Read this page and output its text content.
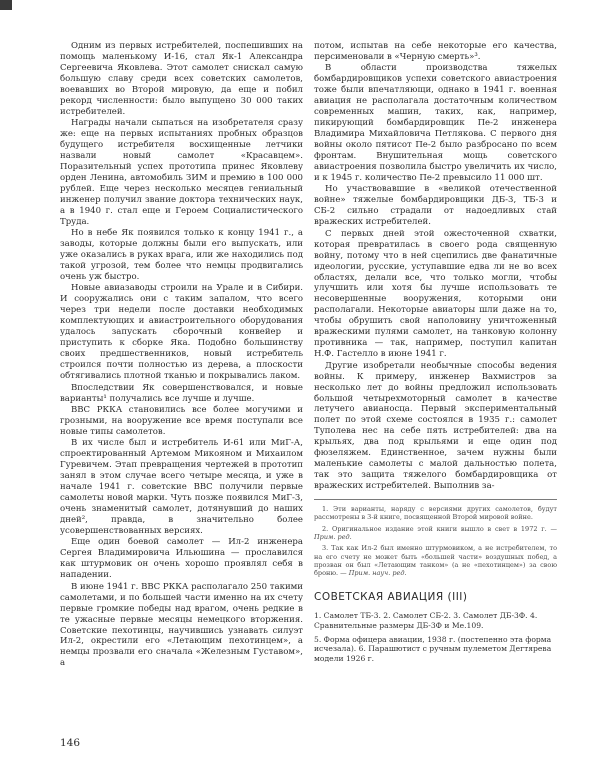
Одним из первых истребителей, поспешивших на помощь маленькому И-16, стал Як-1 Александра Сергеевича Яковлева. Этот самолет снискал самую большую славу среди всех советских самолетов, воевавших во Второй мировую, да еще и побил рекорд численности: было выпущено 30 000 таких истребителей.

Награды начали сыпаться на изобретателя сразу же: еще на первых испытаниях пробных образцов будущего истребителя восхищенные летчики назвали новый самолет «Красавцем». Поразительный успех прототипа принес Яковлеву орден Ленина, автомобиль ЗИМ и премию в 100 000 рублей. Еще через несколько месяцев гениальный инженер получил звание доктора технических наук, а в 1940 г. стал еще и Героем Социалистического Труда.

Но в небе Як появился только к концу 1941 г., а заводы, которые должны были его выпускать, или уже оказались в руках врага, или же находились под такой угрозой, тем более что немцы продвигались очень уж быстро.

Новые авиазаводы строили на Урале и в Сибири. И сооружались они с таким запалом, что всего через три недели после доставки необходимых комплектующих и авиастроительного оборудования удалось запускать сборочный конвейер и приступить к сборке Яка. Подобно большинству своих предшественников, новый истребитель строился почти полностью из дерева, а плоскости обтягивались плотной тканью и покрывались лаком.

Впоследствии Як совершенствовался, и новые варианты¹ получались все лучше и лучше.

ВВС РККА становились все более могучими и грозными, на вооружение все время поступали все новые типы самолетов.

В их числе был и истребитель И-61 или МиГ-А, спроектированный Артемом Микояном и Михаилом Гуревичем. Этап превращения чертежей в прототип занял в этом случае всего четыре месяца, и уже в начале 1941 г. советские ВВС получили первые самолеты новой марки. Чуть позже появился МиГ-3, очень знаменитый самолет, дотянувший до наших дней², правда, в значительно более усовершенствованных версиях.

Еще один боевой самолет — Ил-2 инженера Сергея Владимировича Ильюшина — прославился как штурмовик он очень хорошо проявлял себя в нападении.

В июне 1941 г. ВВС РККА располагало 250 такими самолетами, и по большей части именно на их счету первые громкие победы над врагом, очень редкие в те ужасные первые месяцы немецкого вторжения. Советские пехотинцы, научившись узнавать силуэт Ил-2, окрестили его «Летающим пехотинцем», а немцы прозвали его сначала «Железным Густавом», а

потом, испытав на себе некоторые его качества, персименовали в «Черную смерть»³.

В области производства тяжелых бомбардировщиков успехи советского авиастроения тоже были впечатляющи, однако в 1941 г. военная авиация не располагала достаточным количеством современных машин, таких, как, например, пикирующий бомбардировщик Пе-2 инженера Владимира Михайловича Петлякова. С первого дня войны около пятисот Пе-2 было разбросано по всем фронтам. Внушительная мощь советского авиастроения позволила быстро увеличить их число, и к 1945 г. количество Пе-2 превысило 11 000 шт.

Но участвовавшие в «великой отечественной войне» тяжелые бомбардировщики ДБ-3, ТБ-3 и СБ-2 сильно страдали от надоедливых стай вражеских истребителей.

С первых дней этой ожесточенной схватки, которая превратилась в своего рода священную войну, потому что в ней сцепились две фанатичные идеологии, русские, уступавшие едва ли не во всех областях, делали все, что только могли, чтобы улучшить или хотя бы лучше использовать те несовершенные вооружения, которыми они располагали. Некоторые авиаторы шли даже на то, чтобы обрушить свой наполовину уничтоженный вражескими пулями самолет, на танковую колонну противника — так, например, поступил капитан Н.Ф. Гастелло в июне 1941 г.

Другие изобретали необычные способы ведения войны. К примеру, инженер Вахмистров за несколько лет до войны предложил использовать большой четырехмоторный самолет в качестве летучего авианосца. Первый экспериментальный полет по этой схеме состоялся в 1935 г.: самолет Туполева нес на себе пять истребителей: два на крыльях, два под крыльями и еще один под фюзеляжем. Единственное, зачем нужны были маленькие самолеты с малой дальностью полета, так это защита тяжелого бомбардировщика от вражеских истребителей. Выполнив за-

1. Эти варианты, наряду с версиями других самолетов, будут рассмотрены в 3-й книге, посвященной Второй мировой войне.

2. Оригинальное издание этой книги вышло в свет в 1972 г. — Прим. ред.

3. Так как Ил-2 был именно штурмовиком, а не истребителем, то на его счету не может быть «большей части» воздушных побед, а прозван он был «Летающим танком» (а не «пехотинцем») за свою броню. — Прим. науч. ред.

СОВЕТСКАЯ АВИАЦИЯ (III)

1. Самолет ТБ-3. 2. Самолет СБ-2. 3. Самолет ДБ-3Ф. 4. Сравнительные размеры ДБ-3Ф и Ме.109.

5. Форма офицера авиации, 1938 г. (постепенно эта форма исчезала). 6. Парашютист с ручным пулеметом Дегтярева модели 1926 г.

146
